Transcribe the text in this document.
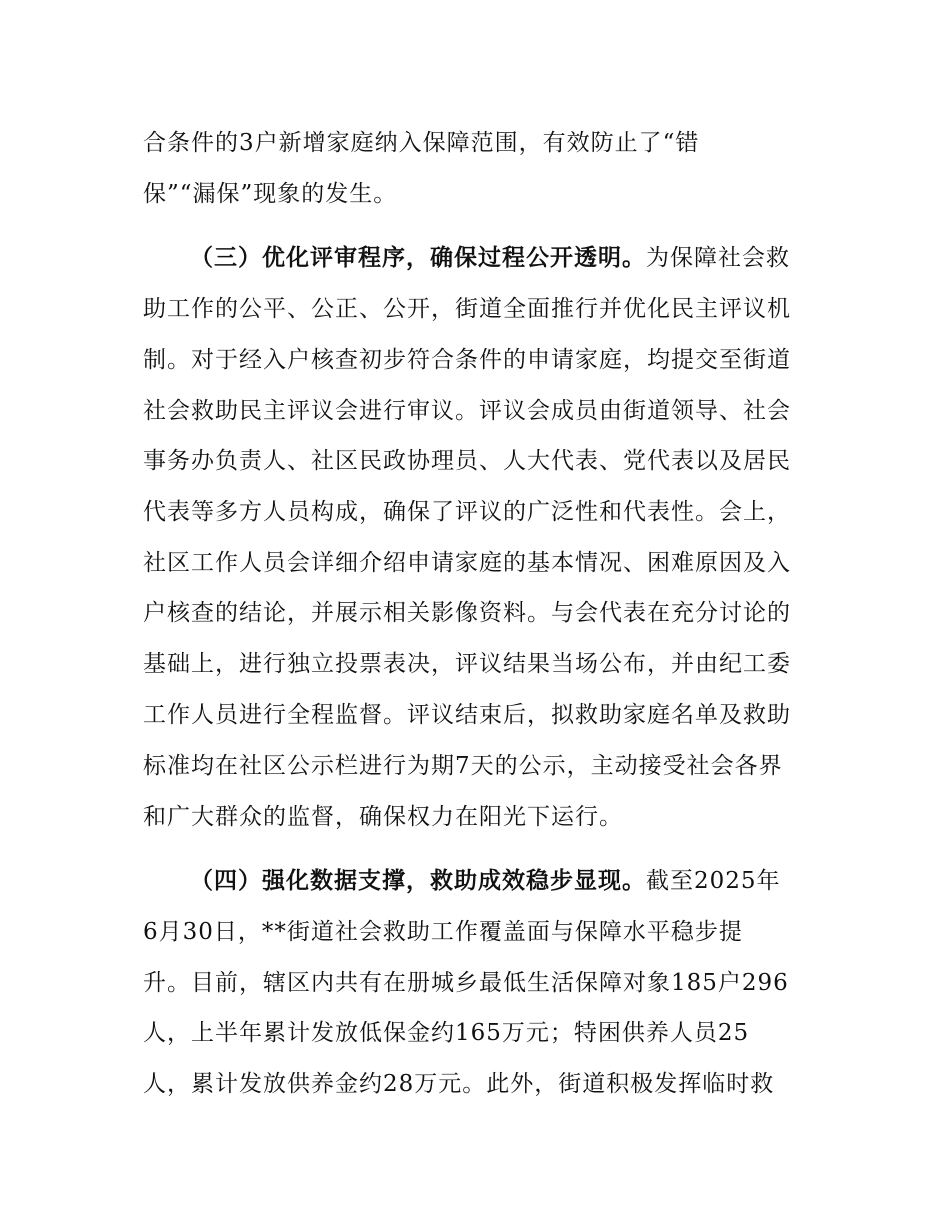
合条件的3户新增家庭纳入保障范围，有效防止了“错
保”“漏保”现象的发生。
（三）优化评审程序，确保过程公开透明。为保障社会救
助工作的公平、公正、公开，街道全面推行并优化民主评议机
制。对于经入户核查初步符合条件的申请家庭，均提交至街道
社会救助民主评议会进行审议。评议会成员由街道领导、社会
事务办负责人、社区民政协理员、人大代表、党代表以及居民
代表等多方人员构成，确保了评议的广泛性和代表性。会上，
社区工作人员会详细介绍申请家庭的基本情况、困难原因及入
户核查的结论，并展示相关影像资料。与会代表在充分讨论的
基础上，进行独立投票表决，评议结果当场公布，并由纪工委
工作人员进行全程监督。评议结束后，拟救助家庭名单及救助
标准均在社区公示栏进行为期7天的公示，主动接受社会各界
和广大群众的监督，确保权力在阳光下运行。
（四）强化数据支撑，救助成效稳步显现。截至2025年
6月30日，**街道社会救助工作覆盖面与保障水平稳步提
升。目前，辖区内共有在册城乡最低生活保障对象185户296
人，上半年累计发放低保金约165万元；特困供养人员25
人，累计发放供养金约28万元。此外，街道积极发挥临时救
